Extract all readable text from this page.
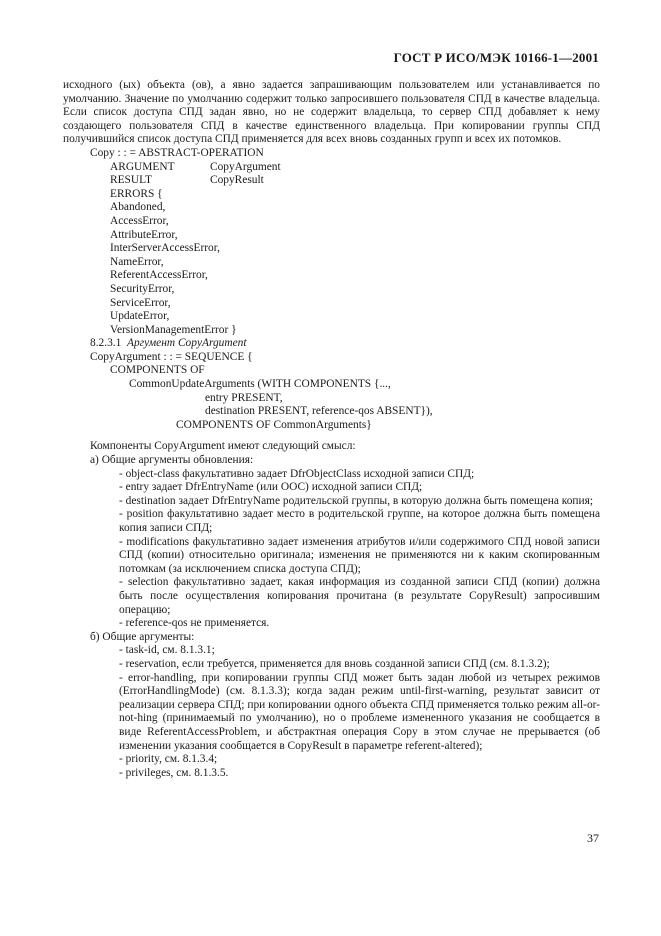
ГОСТ Р ИСО/МЭК 10166-1—2001

исходного (ых) объекта (ов), а явно задается запрашивающим пользователем или устанавливается по умолчанию. Значение по умолчанию содержит только запросившего пользователя СПД в качестве владельца. Если список доступа СПД задан явно, но не содержит владельца, то сервер СПД добавляет к нему создающего пользователя СПД в качестве единственного владельца. При копировании группы СПД получившийся список доступа СПД применяется для всех вновь созданных групп и всех их потомков.

Copy : : = ABSTRACT-OPERATION

ARGUMENT	CopyArgument

RESULT	CopyResult

ERRORS {

Abandoned,

AccessError,

AttributeError,

InterServerAccessError,

NameError,

ReferentAccessError,

SecurityError,

ServiceError,

UpdateError,

VersionManagementError }

8.2.3.1 Аргумент CopyArgument

CopyArgument : : = SEQUENCE {

COMPONENTS OF

CommonUpdateArguments (WITH COMPONENTS {...,

entry PRESENT,

destination PRESENT, reference-qos ABSENT}),

COMPONENTS OF CommonArguments}

Компоненты CopyArgument имеют следующий смысл:

а) Общие аргументы обновления:

- object-class факультативно задает DfrObjectClass исходной записи СПД;

- entry задает DfrEntryName (или ООС) исходной записи СПД;

- destination задает DfrEntryName родительской группы, в которую должна быть помещена копия;

- position факультативно задает место в родительской группе, на которое должна быть помещена копия записи СПД;

- modifications факультативно задает изменения атрибутов и/или содержимого СПД новой записи СПД (копии) относительно оригинала; изменения не применяются ни к каким скопированным потомкам (за исключением списка доступа СПД);

- selection факультативно задает, какая информация из созданной записи СПД (копии) должна быть после осуществления копирования прочитана (в результате CopyResult) запросившим операцию;

- reference-qos не применяется.

б) Общие аргументы:

- task-id, см. 8.1.3.1;

- reservation, если требуется, применяется для вновь созданной записи СПД (см. 8.1.3.2);

- error-handling, при копировании группы СПД может быть задан любой из четырех режимов (ErrorHandlingMode) (см. 8.1.3.3); когда задан режим until-first-warning, результат зависит от реализации сервера СПД; при копировании одного объекта СПД применяется только режим all-or-not-hing (принимаемый по умолчанию), но о проблеме измененного указания не сообщается в виде ReferentAccessProblem, и абстрактная операция Copy в этом случае не прерывается (об изменении указания сообщается в CopyResult в параметре referent-altered);

- priority, см. 8.1.3.4;

- privileges, см. 8.1.3.5.

37
